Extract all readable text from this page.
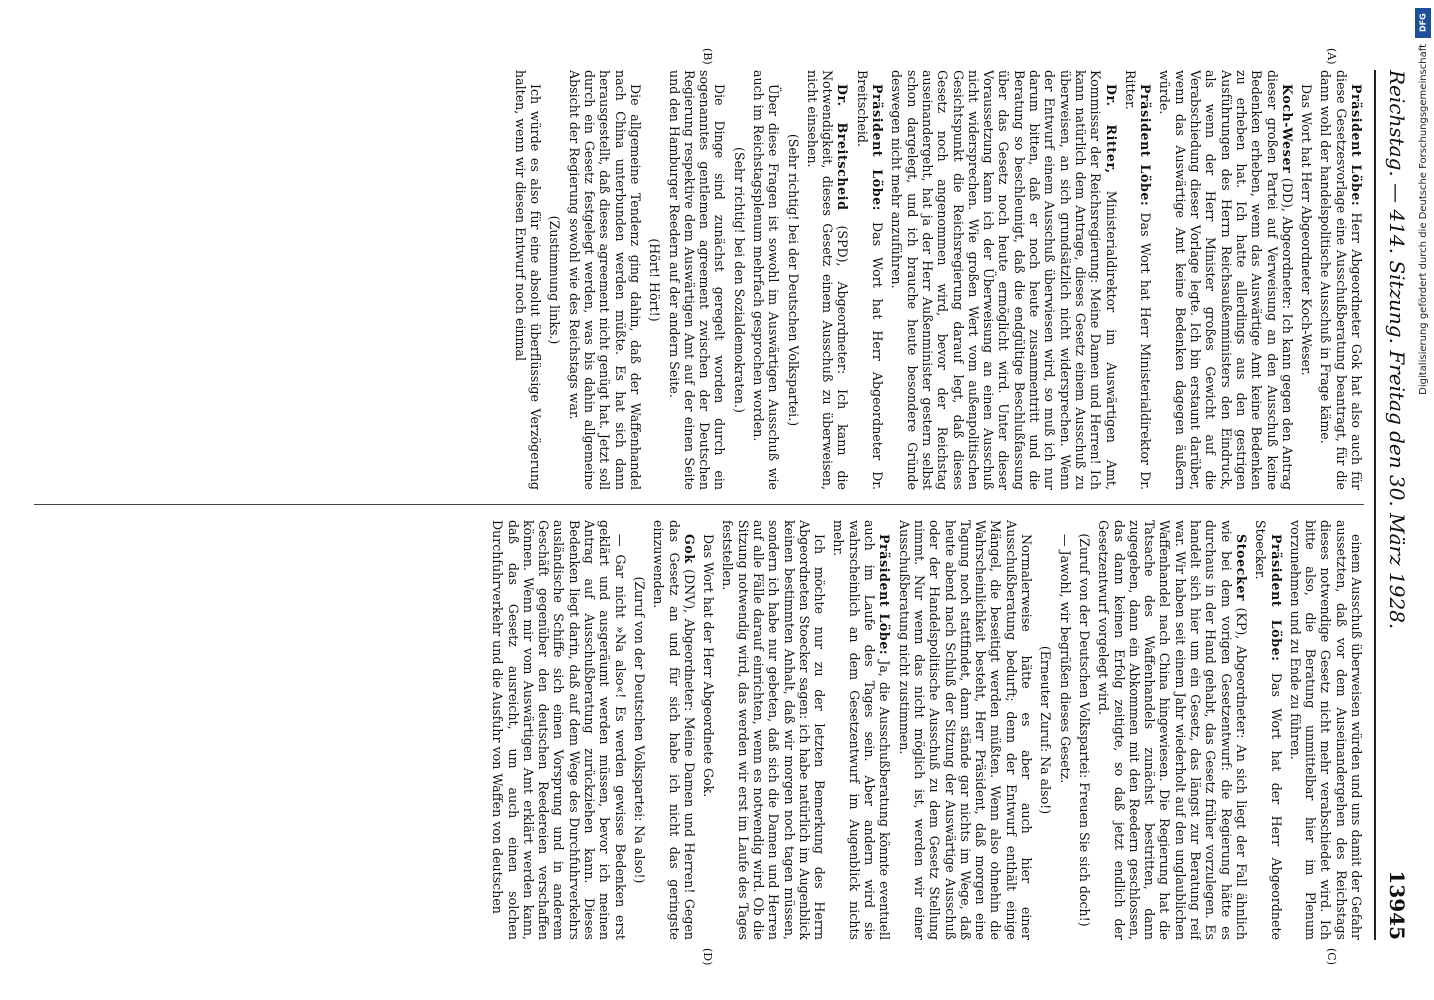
Reichstag. — 414. Sitzung. Freitag den 30. März 1928.
13945
(A)
(B)
(C)
(D)

Präsident Löbe: Herr Abgeordneter Gok hat also auch für diese Gesetzesvorlage eine Ausschußberatung beantragt, für die dann wohl der handelspolitische Ausschuß in Frage käme.

Das Wort hat Herr Abgeordneter Koch-Weser.

Koch-Weser (DD), Abgeordneter: Ich kann gegen den Antrag dieser großen Partei auf Verweisung an den Ausschuß keine Bedenken erheben, wenn das Auswärtige Amt keine Bedenken zu erheben hat. Ich hatte allerdings aus den gestrigen Ausführungen des Herrn Reichsaußenministers den Eindruck, als wenn der Herr Minister großes Gewicht auf die Verabschiedung dieser Vorlage legte. Ich bin erstaunt darüber, wenn das Auswärtige Amt keine Bedenken dagegen äußern würde.

Präsident Löbe: Das Wort hat Herr Ministerialdirektor Dr. Ritter.

Dr. Ritter, Ministerialdirektor im Auswärtigen Amt, Kommissar der Reichsregierung: Meine Damen und Herren! Ich kann natürlich dem Antrage, dieses Gesetz einem Ausschuß zu überweisen, an sich grundsätzlich nicht widersprechen. Wenn der Entwurf einem Ausschuß überwiesen wird, so muß ich nur darum bitten, daß er noch heute zusammentritt und die Beratung so beschleunigt, daß die endgültige Beschlußfassung über das Gesetz noch heute ermöglicht wird. Unter dieser Voraussetzung kann ich der Überweisung an einen Ausschuß nicht widersprechen. Wie großen Wert vom außenpolitischen Gesichtspunkt die Reichsregierung darauf legt, daß dieses Gesetz noch angenommen wird, bevor der Reichstag auseinandergeht, hat ja der Herr Außenminister gestern selbst schon dargelegt, und ich brauche heute besondere Gründe deswegen nicht mehr anzuführen.

Präsident Löbe: Das Wort hat Herr Abgeordneter Dr. Breitscheid.

Dr. Breitscheid (SPD), Abgeordneter: Ich kann die Notwendigkeit, dieses Gesetz einem Ausschuß zu überweisen, nicht einsehen.

(Sehr richtig! bei der Deutschen Volkspartei.)

Über diese Fragen ist sowohl im Auswärtigen Ausschuß wie auch im Reichstagsplenum mehrfach gesprochen worden.

(Sehr richtig! bei den Sozialdemokraten.)

Die Dinge sind zunächst geregelt worden durch ein sogenanntes gentlemen agreement zwischen der Deutschen Regierung respektive dem Auswärtigen Amt auf der einen Seite und den Hamburger Reedern auf der andern Seite.

(Hört! Hört!)

Die allgemeine Tendenz ging dahin, daß der Waffenhandel nach China unterbunden werden müßte. Es hat sich dann herausgestellt, daß dieses agreement nicht genügt hat. Jetzt soll durch ein Gesetz festgelegt werden, was bis dahin allgemeine Absicht der Regierung sowohl wie des Reichstags war.

(Zustimmung links.)

Ich würde es also für eine absolut überflüssige Verzögerung halten, wenn wir diesen Entwurf noch einmal

einem Ausschuß überweisen würden und uns damit der Gefahr aussetzten, daß vor dem Auseinandergehen des Reichstags dieses notwendige Gesetz nicht mehr verabschiedet wird. Ich bitte also, die Beratung unmittelbar hier im Plenum vorzunehmen und zu Ende zu führen.

Präsident Löbe: Das Wort hat der Herr Abgeordnete Stoecker.

Stoecker (KP), Abgeordneter: An sich liegt der Fall ähnlich wie bei dem vorigen Gesetzentwurf: die Regierung hätte es durchaus in der Hand gehabt, das Gesetz früher vorzulegen. Es handelt sich hier um ein Gesetz, das längst zur Beratung reif war. Wir haben seit einem Jahr wiederholt auf den unglaublichen Waffenhandel nach China hingewiesen. Die Regierung hat die Tatsache des Waffenhandels zunächst bestritten, dann zugegeben, dann ein Abkommen mit den Reedern geschlossen, das dann keinen Erfolg zeitigte, so daß jetzt endlich der Gesetzentwurf vorgelegt wird.

(Zuruf von der Deutschen Volkspartei: Freuen Sie sich doch!)

— Jawohl, wir begrüßen dieses Gesetz.

(Erneuter Zuruf: Na also!)

Normalerweise hätte es aber auch hier einer Ausschußberatung bedurft; denn der Entwurf enthält einige Mängel, die beseitigt werden müßten. Wenn also ohnehin die Wahrscheinlichkeit besteht, Herr Präsident, daß morgen eine Tagung noch stattfindet, dann stände gar nichts im Wege, daß heute abend nach Schluß der Sitzung der Auswärtige Ausschuß oder der Handelspolitische Ausschuß zu dem Gesetz Stellung nimmt. Nur wenn das nicht möglich ist, werden wir einer Ausschußberatung nicht zustimmen.

Präsident Löbe: Ja, die Ausschußberatung könnte eventuell auch im Laufe des Tages sein. Aber andern wird sie wahrscheinlich an dem Gesetzentwurf im Augenblick nichts mehr.

Ich möchte nur zu der letzten Bemerkung des Herrn Abgeordneten Stoecker sagen: ich habe natürlich im Augenblick keinen bestimmten Anhalt, daß wir morgen noch tagen müssen, sondern ich habe nur gebeten, daß sich die Damen und Herren auf alle Fälle darauf einrichten, wenn es notwendig wird. Ob die Sitzung notwendig wird, das werden wir erst im Laufe des Tages feststellen.

Das Wort hat der Herr Abgeordnete Gok.

Gok (DNV), Abgeordneter: Meine Damen und Herren! Gegen das Gesetz an und für sich habe ich nicht das geringste einzuwenden.

(Zuruf von der Deutschen Volkspartei: Na also!)

— Gar nicht »Na also«! Es werden gewisse Bedenken erst geklärt und ausgeräumt werden müssen, bevor ich meinen Antrag auf Ausschußberatung zurückziehen kann. Dieses Bedenken liegt darin, daß auf dem Wege des Durchfuhrverkehrs ausländische Schiffe sich einen Vorsprung und in anderem Geschäft gegenüber den deutschen Reedereien verschaffen können. Wenn mir vom Auswärtigen Amt erklärt werden kann, daß das Gesetz ausreicht, um auch einen solchen Durchfuhrverkehr und die Ausfuhr von Waffen von deutschen

DFG
Digitalisierung gefördert durch die Deutsche Forschungsgemeinschaft
